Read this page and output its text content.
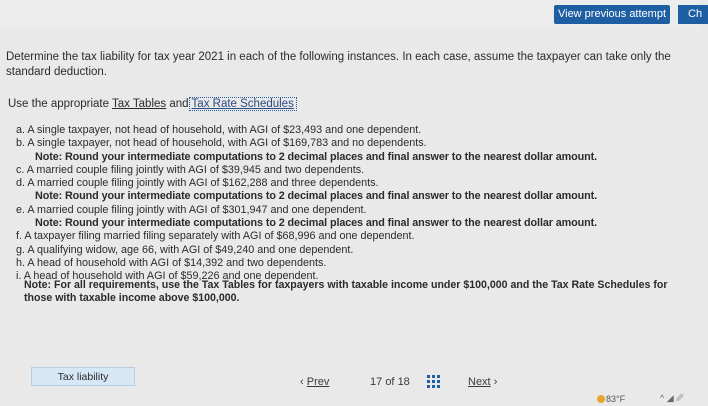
View previous attempt	Ch

Determine the tax liability for tax year 2021 in each of the following instances. In each case, assume the taxpayer can take only the standard deduction.

Use the appropriate Tax Tables and Tax Rate Schedules
a. A single taxpayer, not head of household, with AGI of $23,493 and one dependent.
b. A single taxpayer, not head of household, with AGI of $169,783 and no dependents.
Note: Round your intermediate computations to 2 decimal places and final answer to the nearest dollar amount.
c. A married couple filing jointly with AGI of $39,945 and two dependents.
d. A married couple filing jointly with AGI of $162,288 and three dependents.
Note: Round your intermediate computations to 2 decimal places and final answer to the nearest dollar amount.
e. A married couple filing jointly with AGI of $301,947 and one dependent.
Note: Round your intermediate computations to 2 decimal places and final answer to the nearest dollar amount.
f. A taxpayer filing married filing separately with AGI of $68,996 and one dependent.
g. A qualifying widow, age 66, with AGI of $49,240 and one dependent.
h. A head of household with AGI of $14,392 and two dependents.
i. A head of household with AGI of $59,226 and one dependent.
Note: For all requirements, use the Tax Tables for taxpayers with taxable income under $100,000 and the Tax Rate Schedules for those with taxable income above $100,000.
Tax liability	‹ Prev	17 of 18	Next ›
83°F	^ ◢ ␥
